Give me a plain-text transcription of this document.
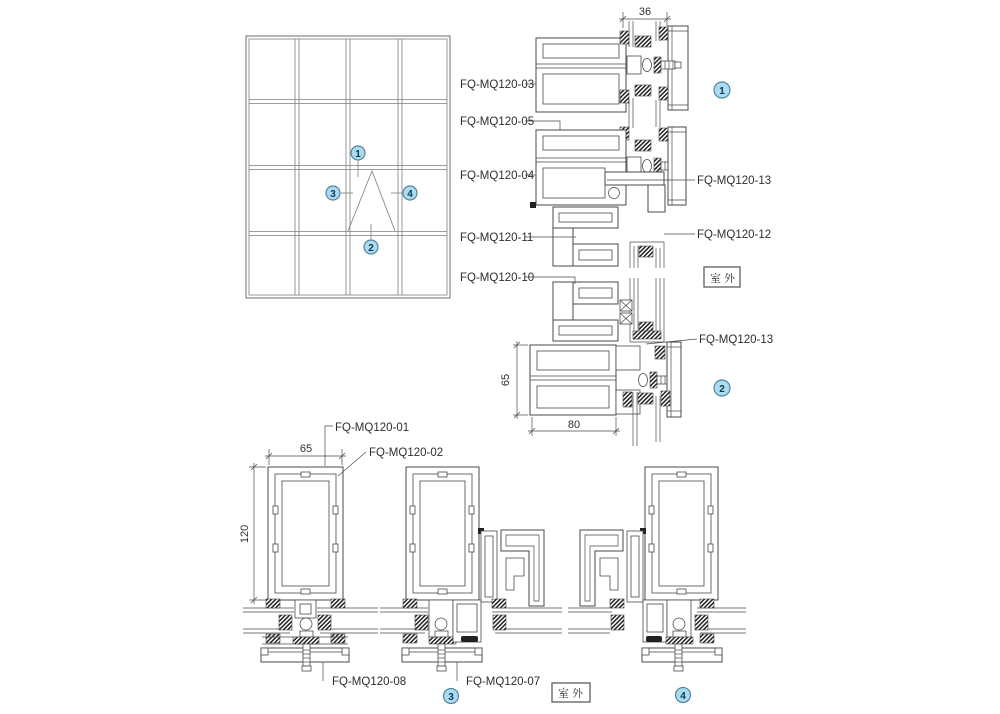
1
2
3	4
36
65
80
FQ-MQ120-03
FQ-MQ120-05
FQ-MQ120-04
FQ-MQ120-11
FQ-MQ120-10
FQ-MQ120-13
FQ-MQ120-12
FQ-MQ120-13
室外
1
2
FQ-MQ120-01
FQ-MQ120-02
65
120
FQ-MQ120-08	FQ-MQ120-07
室外
3	4
